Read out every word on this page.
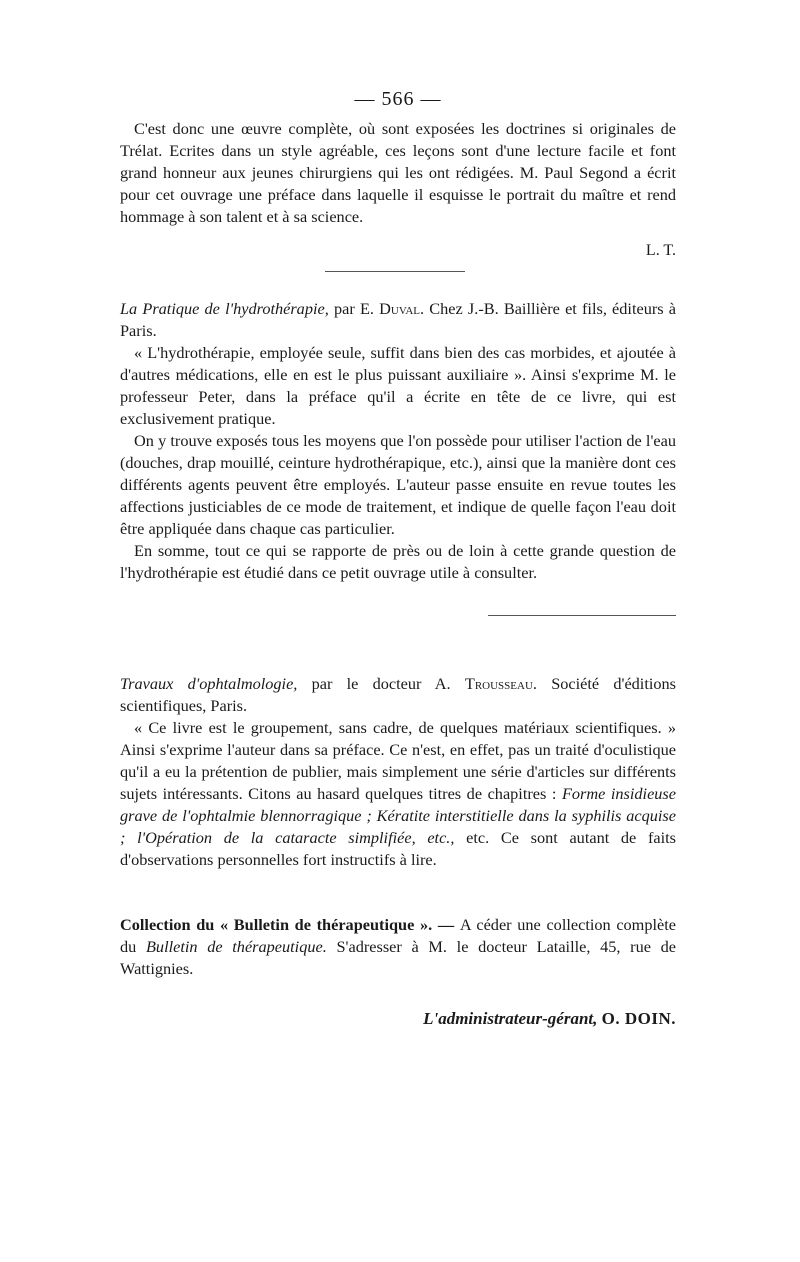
— 566 —

C'est donc une œuvre complète, où sont exposées les doctrines si originales de Trélat. Ecrites dans un style agréable, ces leçons sont d'une lecture facile et font grand honneur aux jeunes chirurgiens qui les ont rédigées. M. Paul Segond a écrit pour cet ouvrage une préface dans laquelle il esquisse le portrait du maître et rend hommage à son talent et à sa science.

L. T.

La Pratique de l'hydrothérapie, par E. Duval. Chez J.-B. Baillière et fils, éditeurs à Paris.

« L'hydrothérapie, employée seule, suffit dans bien des cas morbides, et ajoutée à d'autres médications, elle en est le plus puissant auxiliaire ». Ainsi s'exprime M. le professeur Peter, dans la préface qu'il a écrite en tête de ce livre, qui est exclusivement pratique.

On y trouve exposés tous les moyens que l'on possède pour utiliser l'action de l'eau (douches, drap mouillé, ceinture hydrothérapique, etc.), ainsi que la manière dont ces différents agents peuvent être employés. L'auteur passe ensuite en revue toutes les affections justiciables de ce mode de traitement, et indique de quelle façon l'eau doit être appliquée dans chaque cas particulier.

En somme, tout ce qui se rapporte de près ou de loin à cette grande question de l'hydrothérapie est étudié dans ce petit ouvrage utile à consulter.

Travaux d'ophtalmologie, par le docteur A. Trousseau. Société d'éditions scientifiques, Paris.

« Ce livre est le groupement, sans cadre, de quelques matériaux scientifiques. » Ainsi s'exprime l'auteur dans sa préface. Ce n'est, en effet, pas un traité d'oculistique qu'il a eu la prétention de publier, mais simplement une série d'articles sur différents sujets intéressants. Citons au hasard quelques titres de chapitres : Forme insidieuse grave de l'ophtalmie blennorragique ; Kératite interstitielle dans la syphilis acquise ; l'Opération de la cataracte simplifiée, etc., etc. Ce sont autant de faits d'observations personnelles fort instructifs à lire.

Collection du « Bulletin de thérapeutique ». — A céder une collection complète du Bulletin de thérapeutique. S'adresser à M. le docteur Lataille, 45, rue de Wattignies.

L'administrateur-gérant, O. DOIN.
